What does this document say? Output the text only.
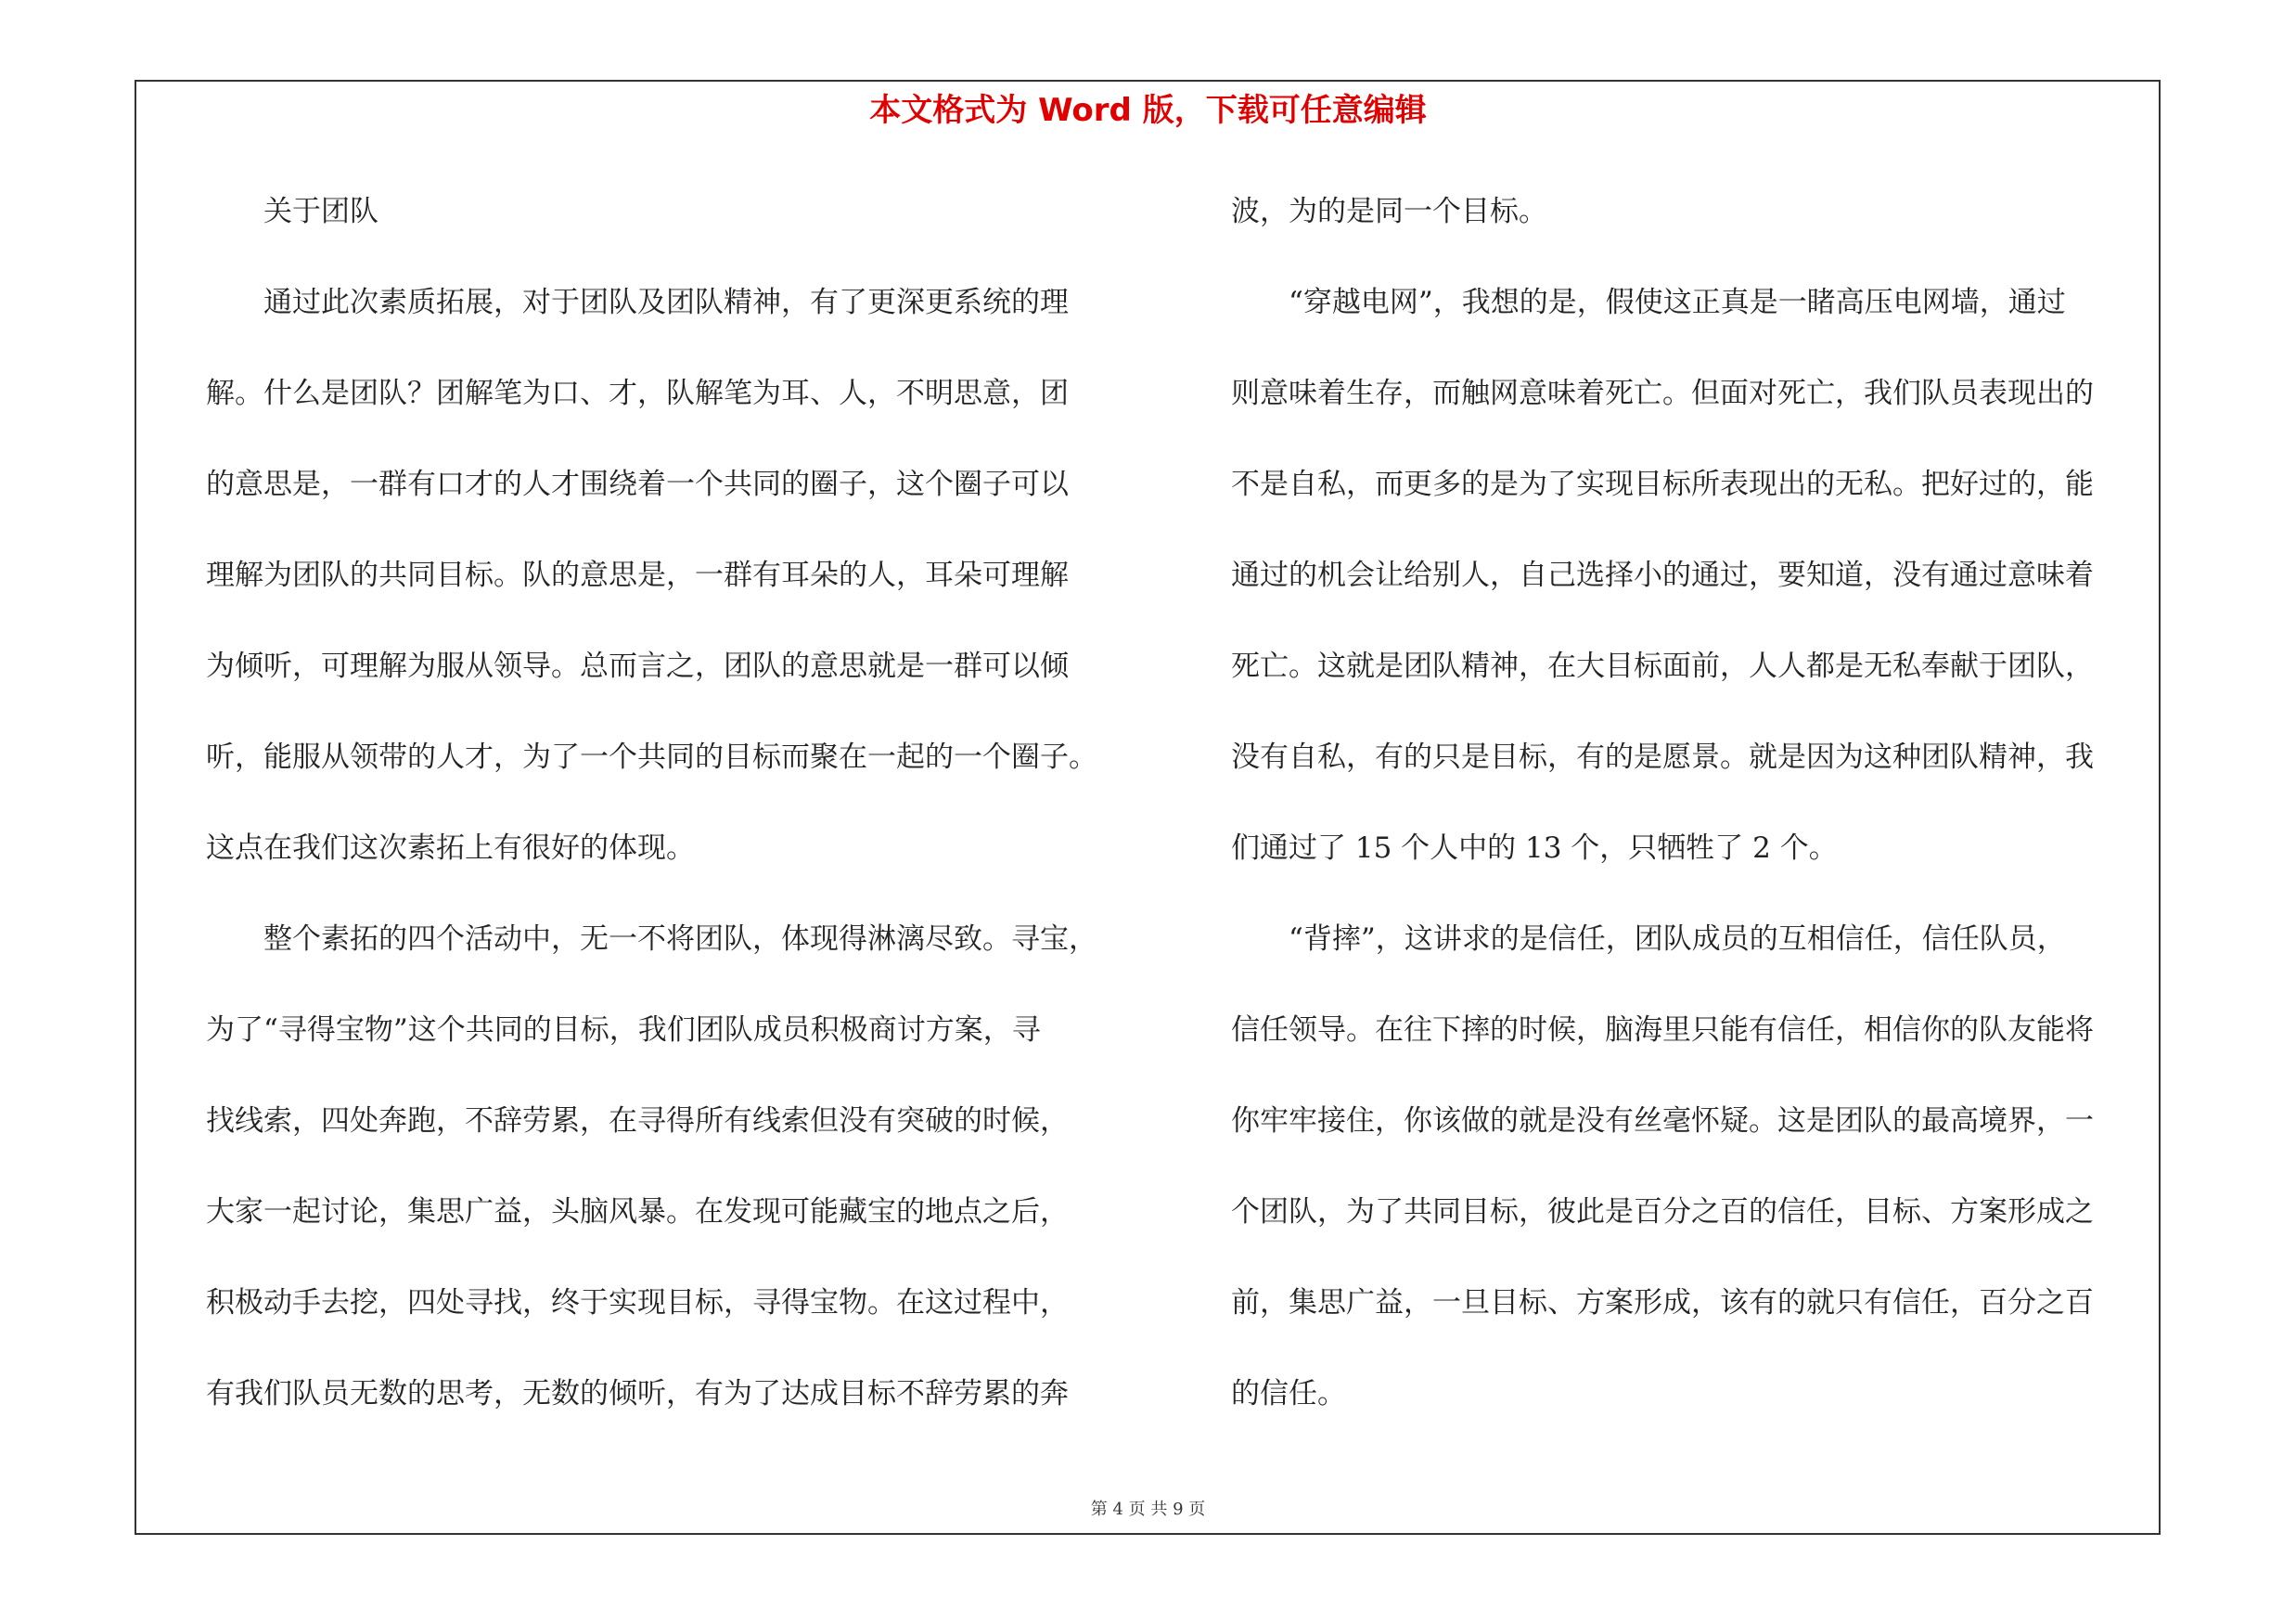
本文格式为 Word 版，下载可任意编辑
　　关于团队
　　通过此次素质拓展，对于团队及团队精神，有了更深更系统的理
解。什么是团队？团解笔为口、才，队解笔为耳、人，不明思意，团
的意思是，一群有口才的人才围绕着一个共同的圈子，这个圈子可以
理解为团队的共同目标。队的意思是，一群有耳朵的人，耳朵可理解
为倾听，可理解为服从领导。总而言之，团队的意思就是一群可以倾
听，能服从领带的人才，为了一个共同的目标而聚在一起的一个圈子。
这点在我们这次素拓上有很好的体现。
　　整个素拓的四个活动中，无一不将团队，体现得淋漓尽致。寻宝，
为了“寻得宝物”这个共同的目标，我们团队成员积极商讨方案，寻
找线索，四处奔跑，不辞劳累，在寻得所有线索但没有突破的时候，
大家一起讨论，集思广益，头脑风暴。在发现可能藏宝的地点之后，
积极动手去挖，四处寻找，终于实现目标，寻得宝物。在这过程中，
有我们队员无数的思考，无数的倾听，有为了达成目标不辞劳累的奔
波，为的是同一个目标。
　　“穿越电网”，我想的是，假使这正真是一睹高压电网墙，通过
则意味着生存，而触网意味着死亡。但面对死亡，我们队员表现出的
不是自私，而更多的是为了实现目标所表现出的无私。把好过的，能
通过的机会让给别人，自己选择小的通过，要知道，没有通过意味着
死亡。这就是团队精神，在大目标面前，人人都是无私奉献于团队，
没有自私，有的只是目标，有的是愿景。就是因为这种团队精神，我
们通过了 15 个人中的 13 个，只牺牲了 2 个。
　　“背摔”，这讲求的是信任，团队成员的互相信任，信任队员，
信任领导。在往下摔的时候，脑海里只能有信任，相信你的队友能将
你牢牢接住，你该做的就是没有丝毫怀疑。这是团队的最高境界，一
个团队，为了共同目标，彼此是百分之百的信任，目标、方案形成之
前，集思广益，一旦目标、方案形成，该有的就只有信任，百分之百
的信任。
第 4 页 共 9 页
